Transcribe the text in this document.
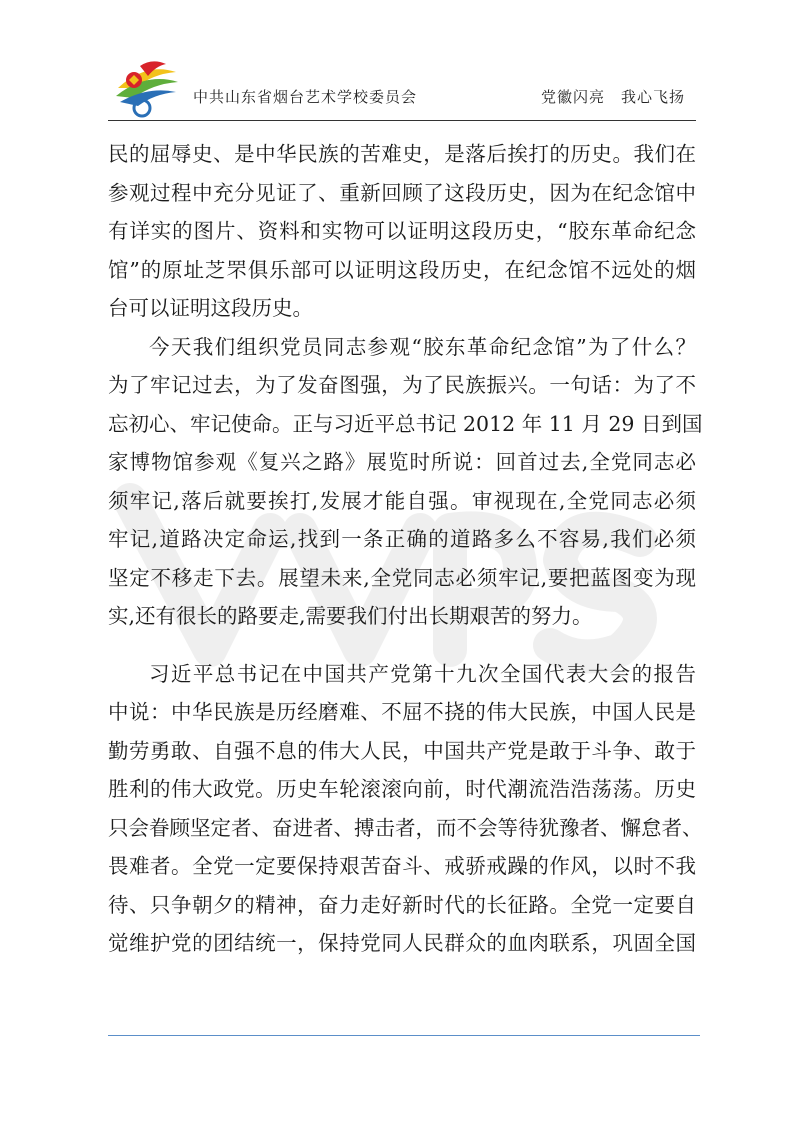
中共山东省烟台艺术学校委员会	党徽闪亮　我心飞扬
民的屈辱史、是中华民族的苦难史，是落后挨打的历史。我们在
参观过程中充分见证了、重新回顾了这段历史，因为在纪念馆中
有详实的图片、资料和实物可以证明这段历史，“胶东革命纪念
馆”的原址芝罘俱乐部可以证明这段历史，在纪念馆不远处的烟
台可以证明这段历史。
今天我们组织党员同志参观“胶东革命纪念馆”为了什么？
为了牢记过去，为了发奋图强，为了民族振兴。一句话：为了不
忘初心、牢记使命。正与习近平总书记 2012 年 11 月 29 日到国
家博物馆参观《复兴之路》展览时所说：回首过去,全党同志必
须牢记,落后就要挨打,发展才能自强。审视现在,全党同志必须
牢记,道路决定命运,找到一条正确的道路多么不容易,我们必须
坚定不移走下去。展望未来,全党同志必须牢记,要把蓝图变为现
实,还有很长的路要走,需要我们付出长期艰苦的努力。
习近平总书记在中国共产党第十九次全国代表大会的报告
中说：中华民族是历经磨难、不屈不挠的伟大民族，中国人民是
勤劳勇敢、自强不息的伟大人民，中国共产党是敢于斗争、敢于
胜利的伟大政党。历史车轮滚滚向前，时代潮流浩浩荡荡。历史
只会眷顾坚定者、奋进者、搏击者，而不会等待犹豫者、懈怠者、
畏难者。全党一定要保持艰苦奋斗、戒骄戒躁的作风，以时不我
待、只争朝夕的精神，奋力走好新时代的长征路。全党一定要自
觉维护党的团结统一，保持党同人民群众的血肉联系，巩固全国
